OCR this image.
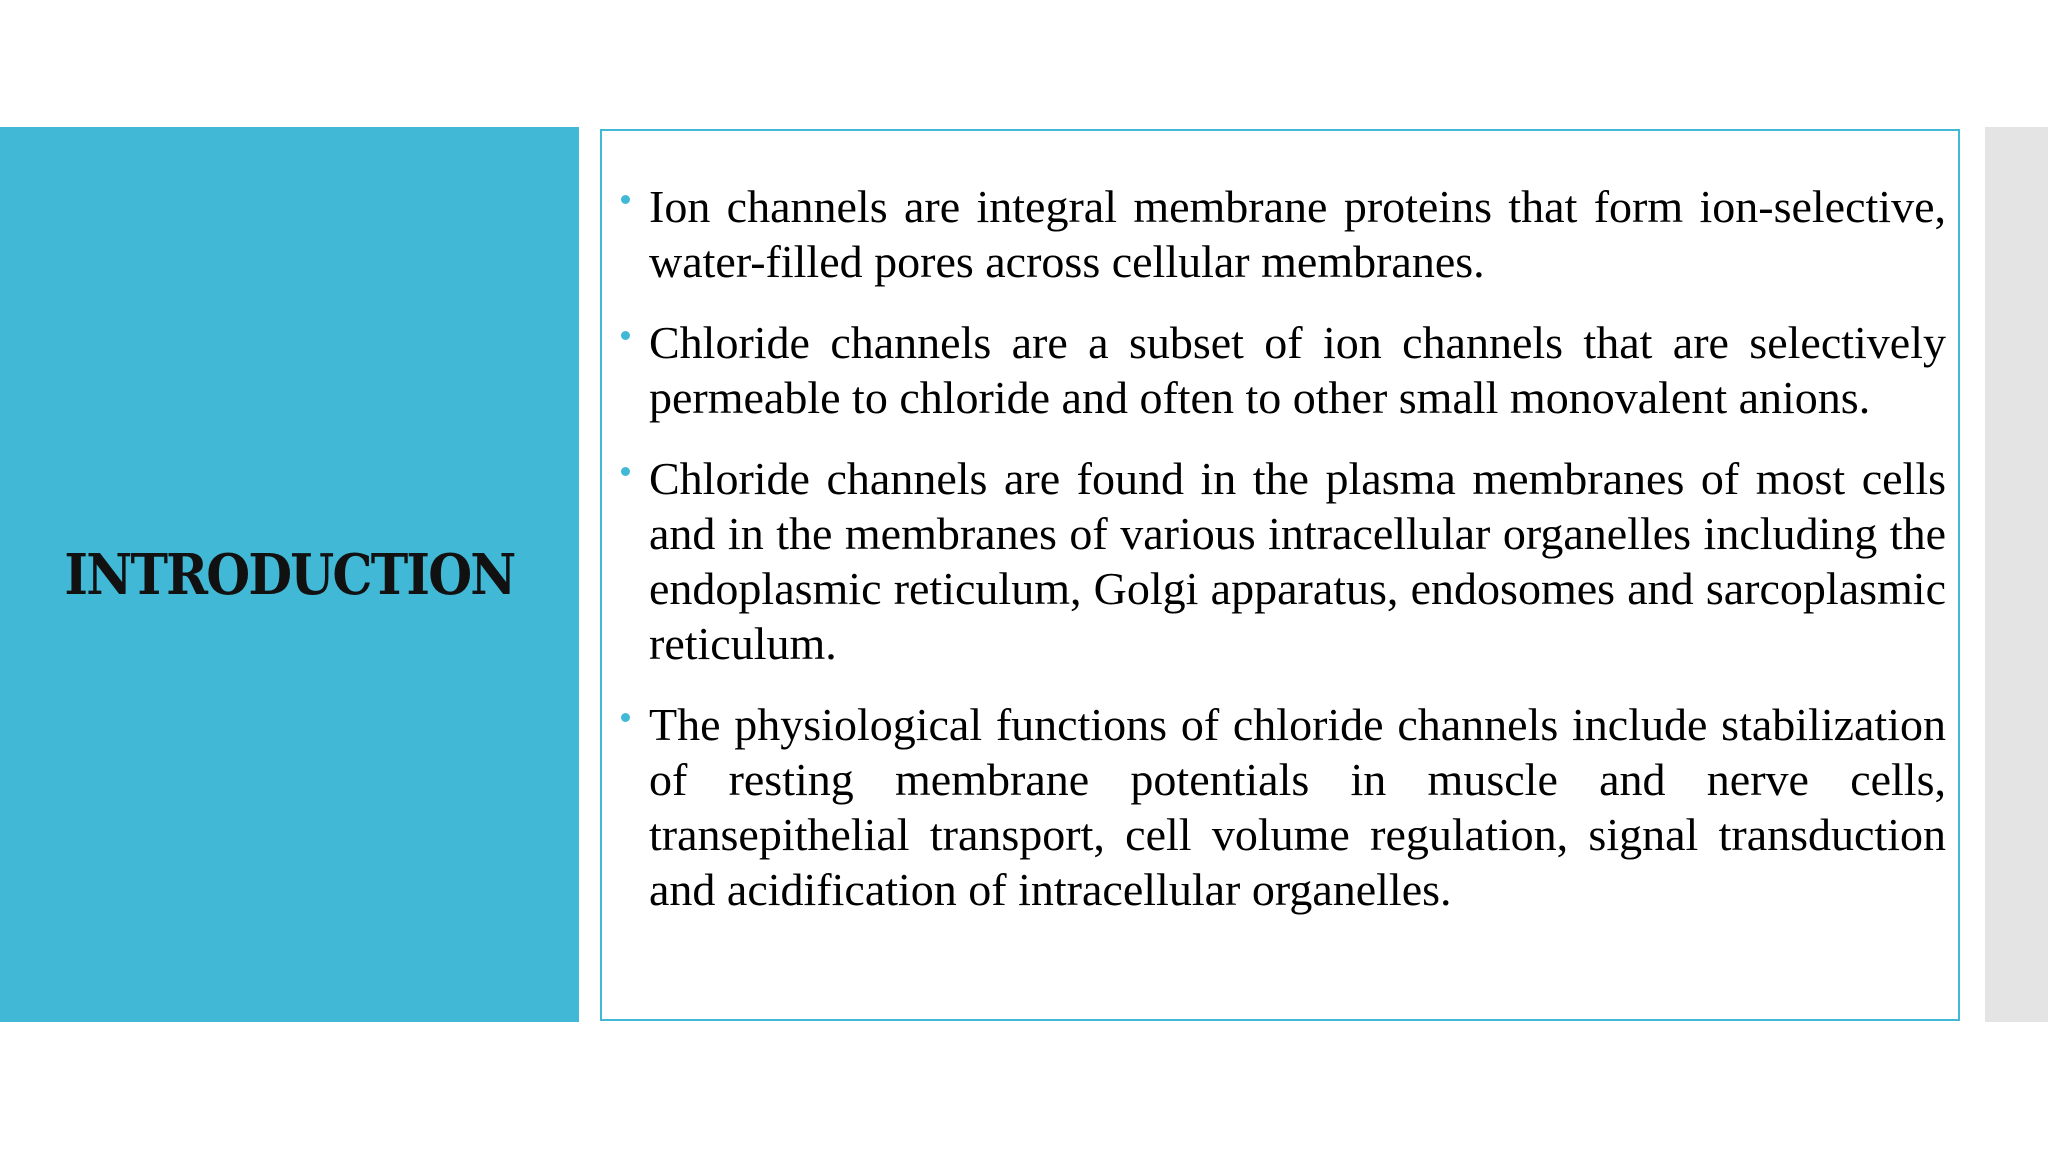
INTRODUCTION
Ion channels are integral membrane proteins that form ion-selective, water-filled pores across cellular membranes.
Chloride channels are a subset of ion channels that are selectively permeable to chloride and often to other small monovalent anions.
Chloride channels are found in the plasma membranes of most cells and in the membranes of various intracellular organelles including the endoplasmic reticulum, Golgi apparatus, endosomes and sarcoplasmic reticulum.
The physiological functions of chloride channels include stabilization of resting membrane potentials in muscle and nerve cells, transepithelial transport, cell volume regulation, signal transduction and acidification of intracellular organelles.
